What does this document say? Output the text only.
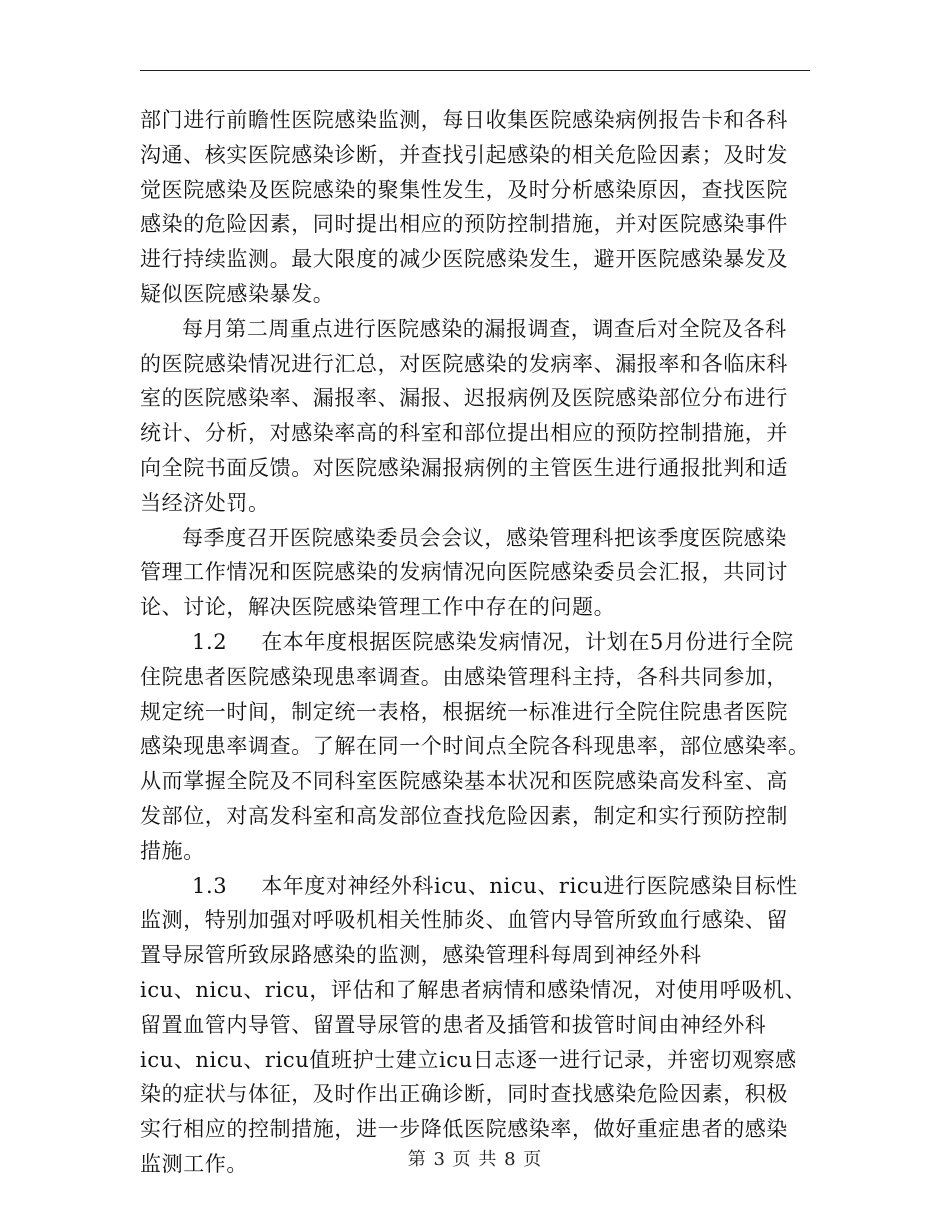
部门进行前瞻性医院感染监测，每日收集医院感染病例报告卡和各科
沟通、核实医院感染诊断，并查找引起感染的相关危险因素；及时发
觉医院感染及医院感染的聚集性发生，及时分析感染原因，查找医院
感染的危险因素，同时提出相应的预防控制措施，并对医院感染事件
进行持续监测。最大限度的减少医院感染发生，避开医院感染暴发及
疑似医院感染暴发。
每月第二周重点进行医院感染的漏报调查，调查后对全院及各科
的医院感染情况进行汇总，对医院感染的发病率、漏报率和各临床科
室的医院感染率、漏报率、漏报、迟报病例及医院感染部位分布进行
统计、分析，对感染率高的科室和部位提出相应的预防控制措施，并
向全院书面反馈。对医院感染漏报病例的主管医生进行通报批判和适
当经济处罚。
每季度召开医院感染委员会会议，感染管理科把该季度医院感染
管理工作情况和医院感染的发病情况向医院感染委员会汇报，共同讨
论、讨论，解决医院感染管理工作中存在的问题。
1.2 在本年度根据医院感染发病情况，计划在5月份进行全院
住院患者医院感染现患率调查。由感染管理科主持，各科共同参加，
规定统一时间，制定统一表格，根据统一标准进行全院住院患者医院
感染现患率调查。了解在同一个时间点全院各科现患率，部位感染率。
从而掌握全院及不同科室医院感染基本状况和医院感染高发科室、高
发部位，对高发科室和高发部位查找危险因素，制定和实行预防控制
措施。
1.3 本年度对神经外科icu、nicu、ricu进行医院感染目标性
监测，特别加强对呼吸机相关性肺炎、血管内导管所致血行感染、留
置导尿管所致尿路感染的监测，感染管理科每周到神经外科
icu、nicu、ricu，评估和了解患者病情和感染情况，对使用呼吸机、
留置血管内导管、留置导尿管的患者及插管和拔管时间由神经外科
icu、nicu、ricu值班护士建立icu日志逐一进行记录，并密切观察感
染的症状与体征，及时作出正确诊断，同时查找感染危险因素，积极
实行相应的控制措施，进一步降低医院感染率，做好重症患者的感染
监测工作。	第 3 页 共 8 页
